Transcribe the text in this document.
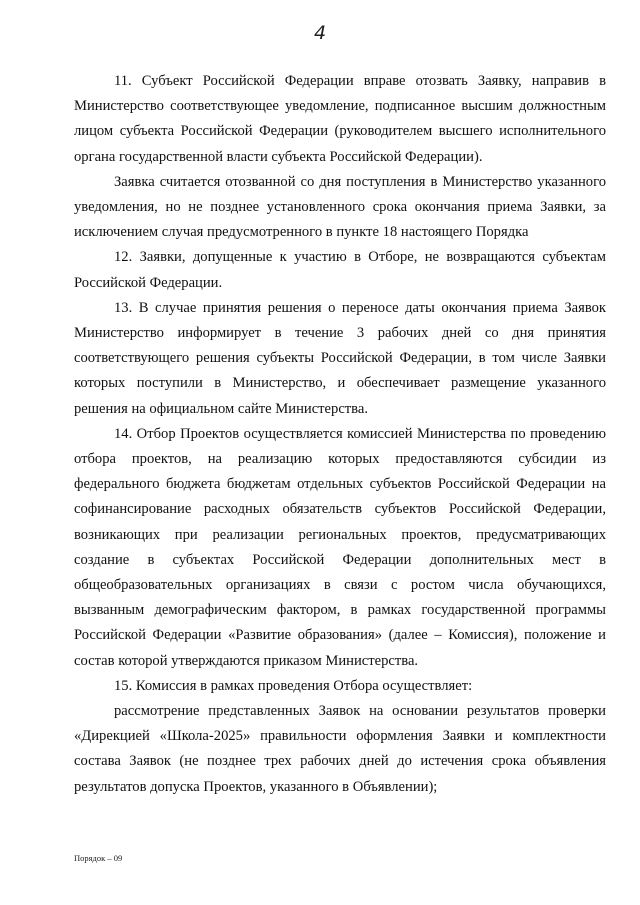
4

11. Субъект Российской Федерации вправе отозвать Заявку, направив в Министерство соответствующее уведомление, подписанное высшим должностным лицом субъекта Российской Федерации (руководителем высшего исполнительного органа государственной власти субъекта Российской Федерации).

Заявка считается отозванной со дня поступления в Министерство указанного уведомления, но не позднее установленного срока окончания приема Заявки, за исключением случая предусмотренного в пункте 18 настоящего Порядка

12. Заявки, допущенные к участию в Отборе, не возвращаются субъектам Российской Федерации.

13. В случае принятия решения о переносе даты окончания приема Заявок Министерство информирует в течение 3 рабочих дней со дня принятия соответствующего решения субъекты Российской Федерации, в том числе Заявки которых поступили в Министерство, и обеспечивает размещение указанного решения на официальном сайте Министерства.

14. Отбор Проектов осуществляется комиссией Министерства по проведению отбора проектов, на реализацию которых предоставляются субсидии из федерального бюджета бюджетам отдельных субъектов Российской Федерации на софинансирование расходных обязательств субъектов Российской Федерации, возникающих при реализации региональных проектов, предусматривающих создание в субъектах Российской Федерации дополнительных мест в общеобразовательных организациях в связи с ростом числа обучающихся, вызванным демографическим фактором, в рамках государственной программы Российской Федерации «Развитие образования» (далее – Комиссия), положение и состав которой утверждаются приказом Министерства.

15. Комиссия в рамках проведения Отбора осуществляет:

рассмотрение представленных Заявок на основании результатов проверки «Дирекцией «Школа-2025» правильности оформления Заявки и комплектности состава Заявок (не позднее трех рабочих дней до истечения срока объявления результатов допуска Проектов, указанного в Объявлении);

Порядок – 09
